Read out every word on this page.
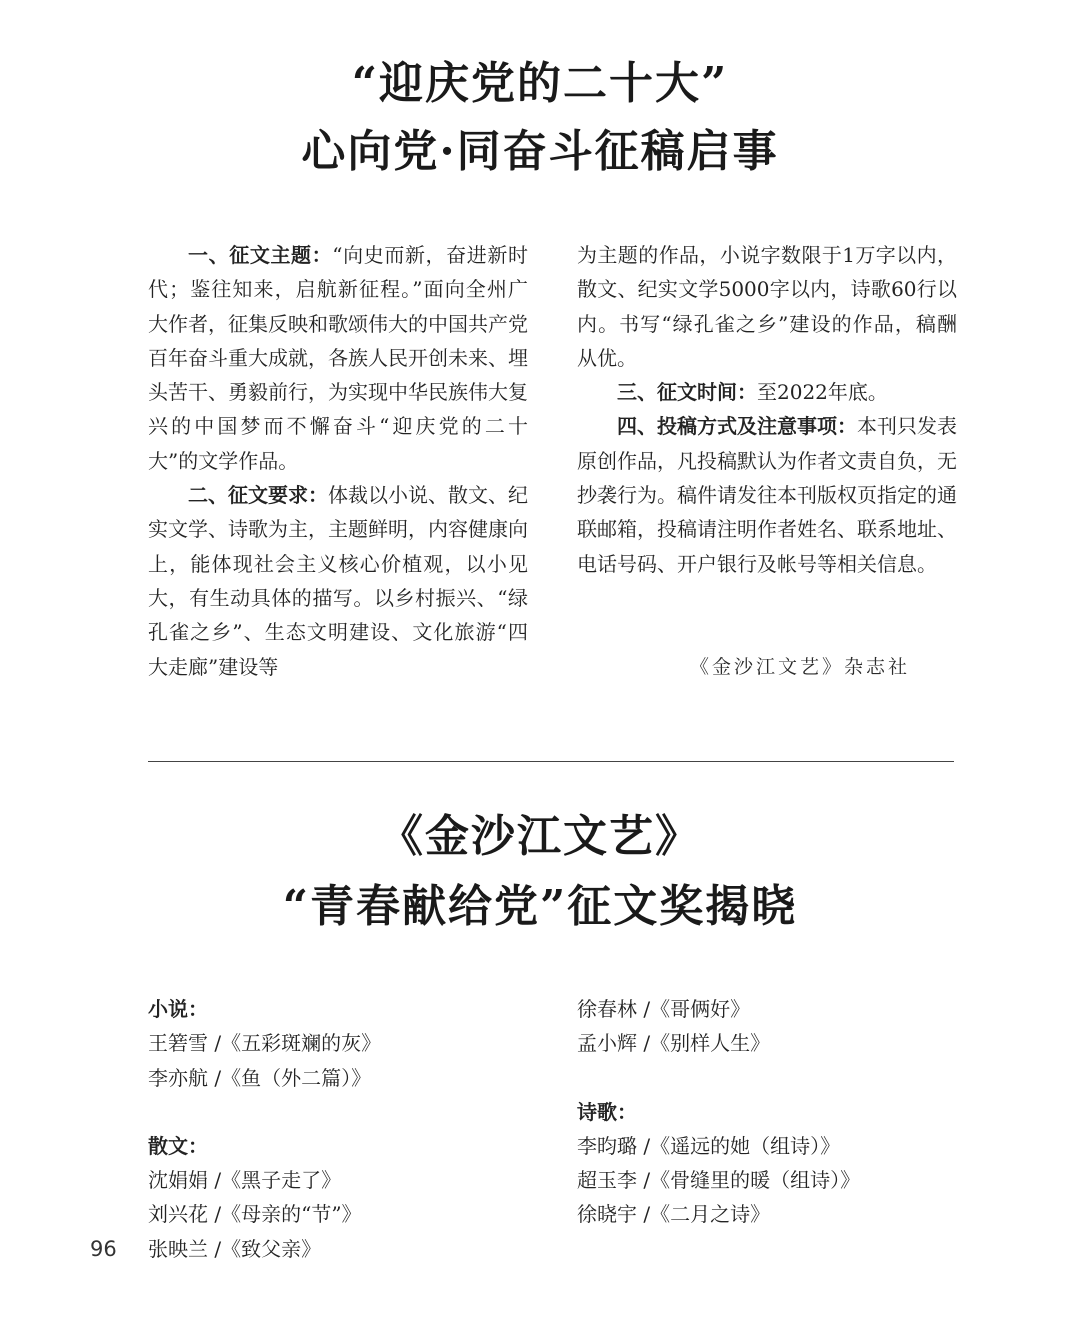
“迎庆党的二十大”
心向党·同奋斗征稿启事

一、征文主题：“向史而新，奋进新时代；鉴往知来，启航新征程。”面向全州广大作者，征集反映和歌颂伟大的中国共产党百年奋斗重大成就，各族人民开创未来、埋头苦干、勇毅前行，为实现中华民族伟大复兴的中国梦而不懈奋斗“迎庆党的二十大”的文学作品。

二、征文要求：体裁以小说、散文、纪实文学、诗歌为主，主题鲜明，内容健康向上，能体现社会主义核心价植观，以小见大，有生动具体的描写。以乡村振兴、“绿孔雀之乡”、生态文明建设、文化旅游“四大走廊”建设等

为主题的作品，小说字数限于1万字以内，散文、纪实文学5000字以内，诗歌60行以内。书写“绿孔雀之乡”建设的作品，稿酬从优。

三、征文时间：至2022年底。

四、投稿方式及注意事项：本刊只发表原创作品，凡投稿默认为作者文责自负，无抄袭行为。稿件请发往本刊版权页指定的通联邮箱，投稿请注明作者姓名、联系地址、电话号码、开户银行及帐号等相关信息。

《金沙江文艺》杂志社
《金沙江文艺》
“青春献给党”征文奖揭晓
小说：
王箬雪 /《五彩斑斓的灰》
李亦航 /《鱼（外二篇）》
散文：
沈娟娟 /《黑子走了》
刘兴花 /《母亲的“节”》
张映兰 /《致父亲》
徐春林 /《哥俩好》
孟小辉 /《别样人生》
诗歌：
李昀璐 /《遥远的她（组诗）》
超玉李 /《骨缝里的暖（组诗）》
徐晓宇 /《二月之诗》
96
